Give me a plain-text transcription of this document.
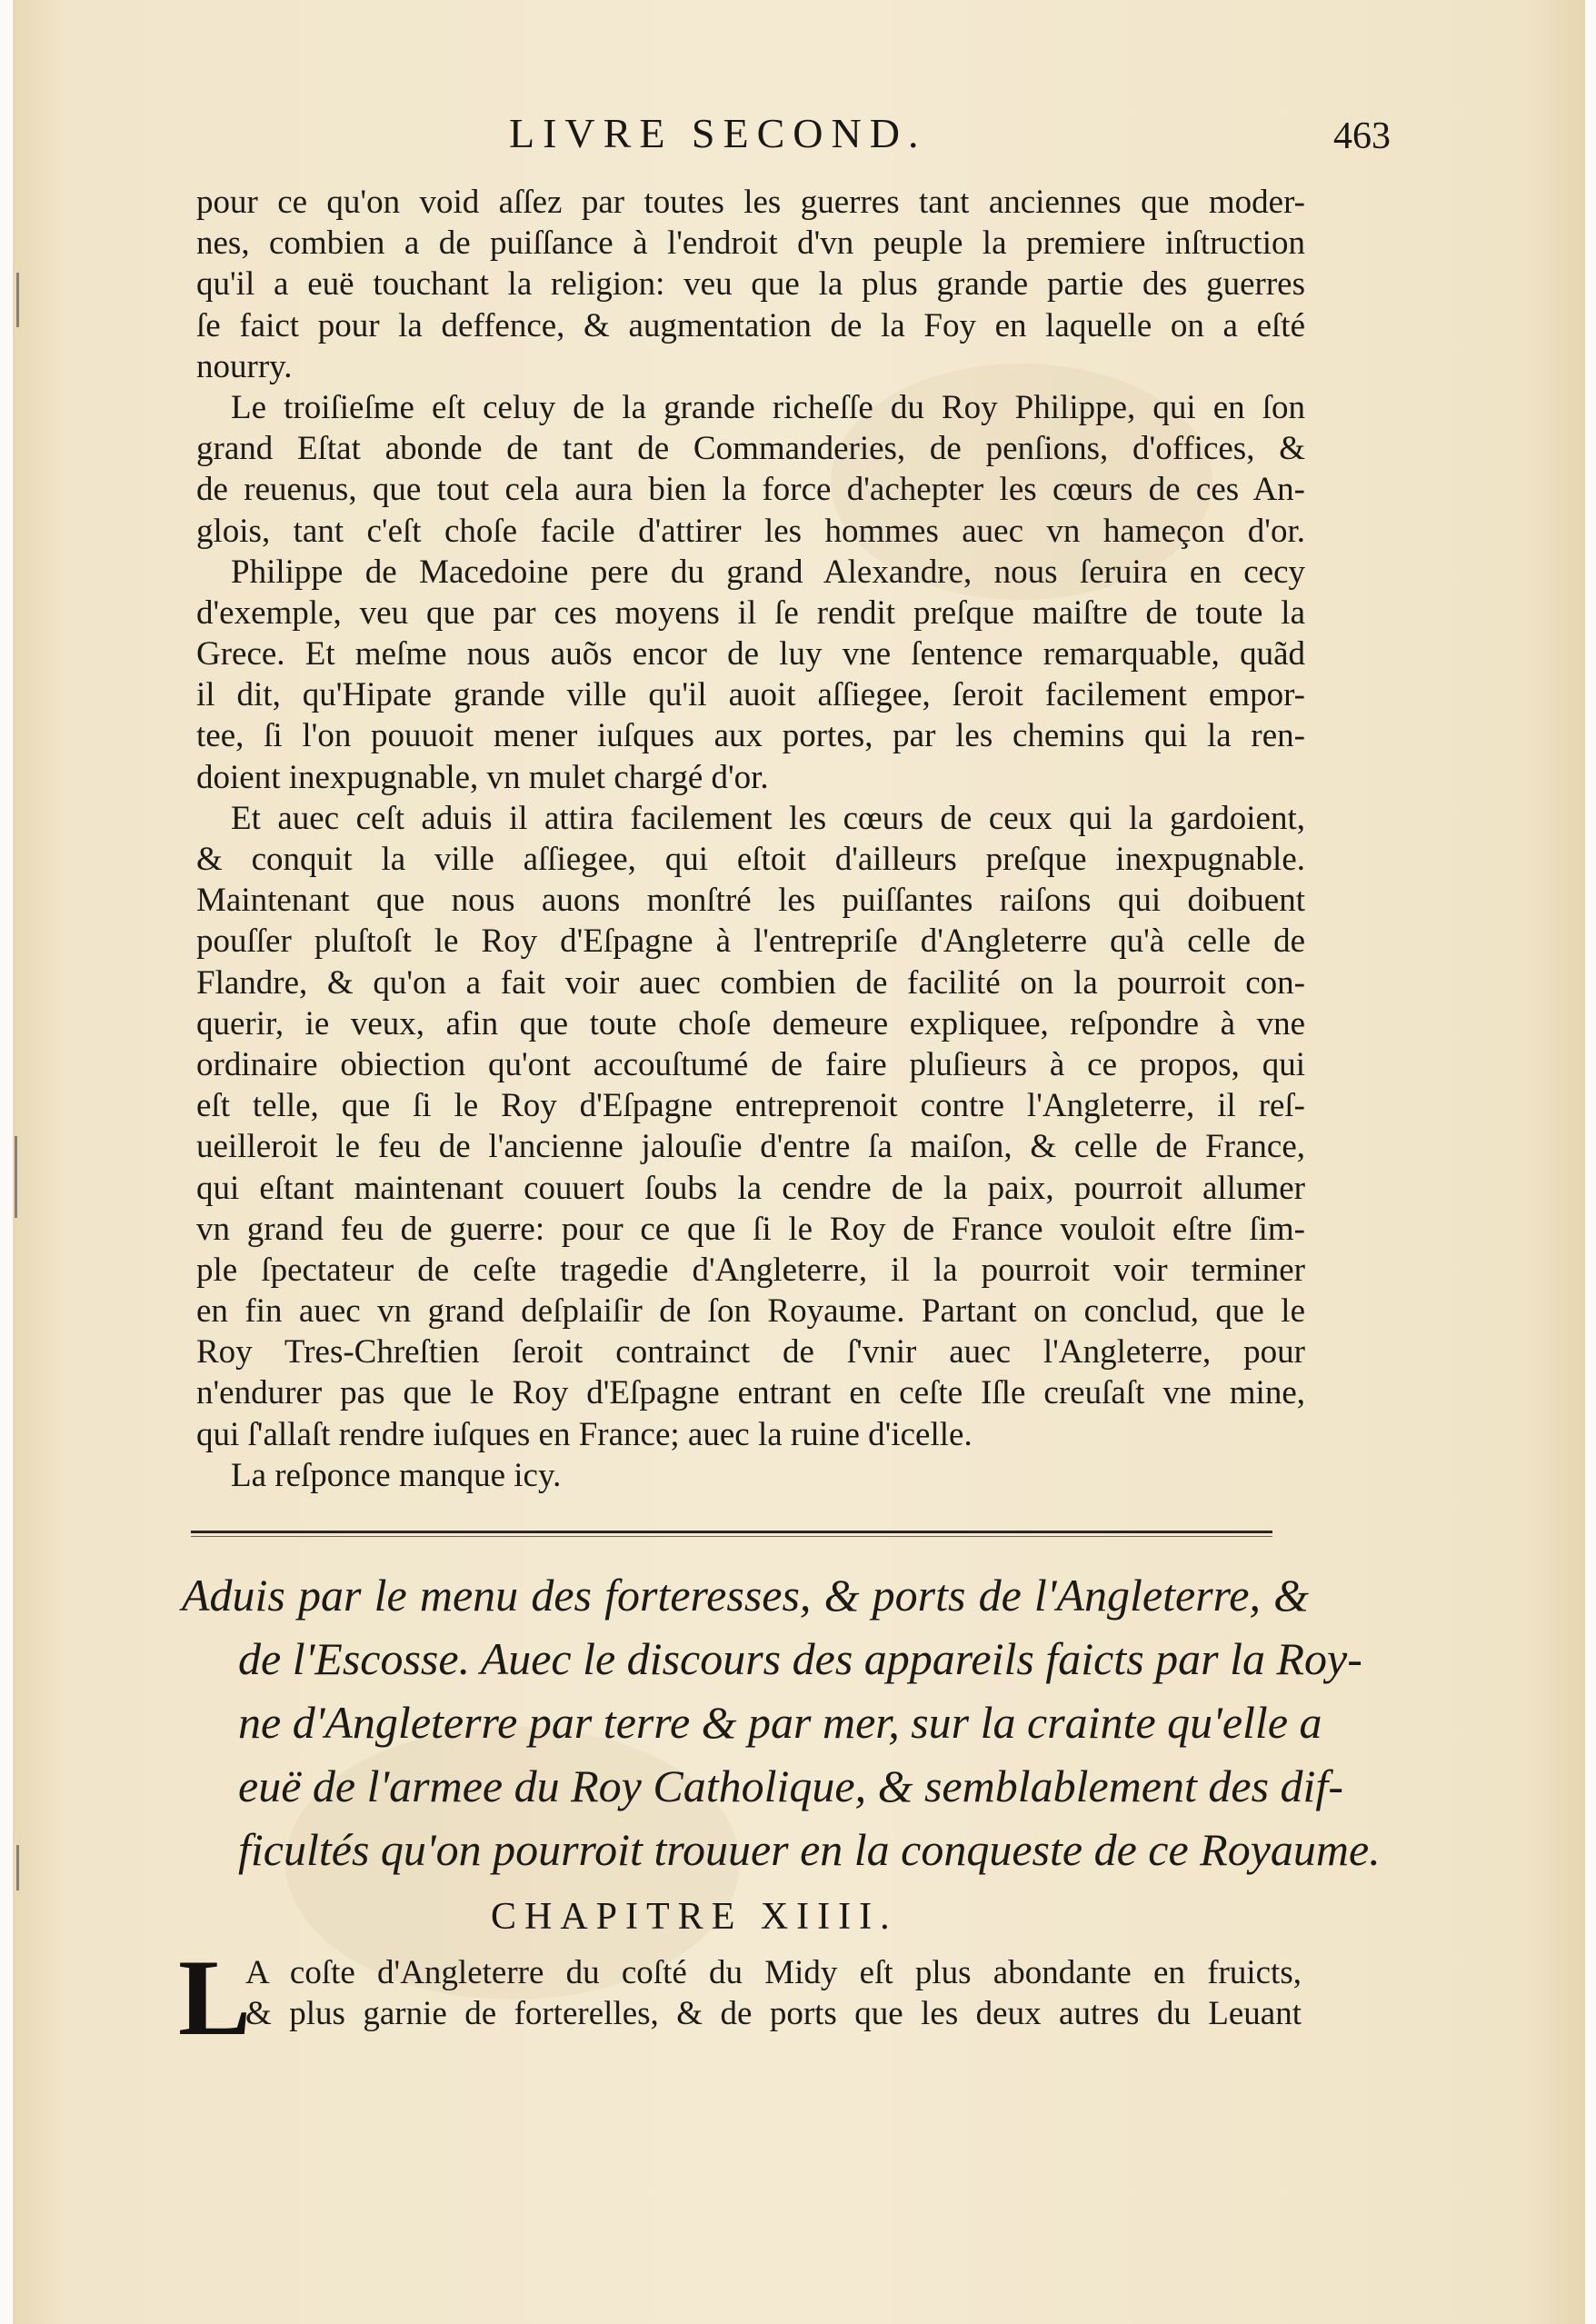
LIVRE SECOND.	463
pour ce qu'on void aſſez par toutes les guerres tant anciennes que moder-
nes, combien a de puiſſance à l'endroit d'vn peuple la premiere inſtruction
qu'il a euë touchant la religion: veu que la plus grande partie des guerres
ſe faict pour la deffence, & augmentation de la Foy en laquelle on a eſté
nourry.
Le troiſieſme eſt celuy de la grande richeſſe du Roy Philippe, qui en ſon
grand Eſtat abonde de tant de Commanderies, de penſions, d'offices, &
de reuenus, que tout cela aura bien la force d'achepter les cœurs de ces An-
glois, tant c'eſt choſe facile d'attirer les hommes auec vn hameçon d'or.
Philippe de Macedoine pere du grand Alexandre, nous ſeruira en cecy
d'exemple, veu que par ces moyens il ſe rendit preſque maiſtre de toute la
Grece. Et meſme nous auõs encor de luy vne ſentence remarquable, quãd
il dit, qu'Hipate grande ville qu'il auoit aſſiegee, ſeroit facilement empor-
tee, ſi l'on pouuoit mener iuſques aux portes, par les chemins qui la ren-
doient inexpugnable, vn mulet chargé d'or.
Et auec ceſt aduis il attira facilement les cœurs de ceux qui la gardoient,
& conquit la ville aſſiegee, qui eſtoit d'ailleurs preſque inexpugnable.
Maintenant que nous auons monſtré les puiſſantes raiſons qui doibuent
pouſſer pluſtoſt le Roy d'Eſpagne à l'entrepriſe d'Angleterre qu'à celle de
Flandre, & qu'on a fait voir auec combien de facilité on la pourroit con-
querir, ie veux, afin que toute choſe demeure expliquee, reſpondre à vne
ordinaire obiection qu'ont accouſtumé de faire pluſieurs à ce propos, qui
eſt telle, que ſi le Roy d'Eſpagne entreprenoit contre l'Angleterre, il reſ-
ueilleroit le feu de l'ancienne jalouſie d'entre ſa maiſon, & celle de France,
qui eſtant maintenant couuert ſoubs la cendre de la paix, pourroit allumer
vn grand feu de guerre: pour ce que ſi le Roy de France vouloit eſtre ſim-
ple ſpectateur de ceſte tragedie d'Angleterre, il la pourroit voir terminer
en fin auec vn grand deſplaiſir de ſon Royaume. Partant on conclud, que le
Roy Tres-Chreſtien ſeroit contrainct de ſ'vnir auec l'Angleterre, pour
n'endurer pas que le Roy d'Eſpagne entrant en ceſte Iſle creuſaſt vne mine,
qui ſ'allaſt rendre iuſques en France; auec la ruine d'icelle.
La reſponce manque icy.
Aduis par le menu des forteresses, & ports de l'Angleterre, &
de l'Escosse. Auec le discours des appareils faicts par la Roy-
ne d'Angleterre par terre & par mer, sur la crainte qu'elle a
euë de l'armee du Roy Catholique, & semblablement des dif-
ficultés qu'on pourroit trouuer en la conqueste de ce Royaume.
CHAPITRE XIIII.
L
A coſte d'Angleterre du coſté du Midy eſt plus abondante en fruicts,
& plus garnie de forterelles, & de ports que les deux autres du Leuant
